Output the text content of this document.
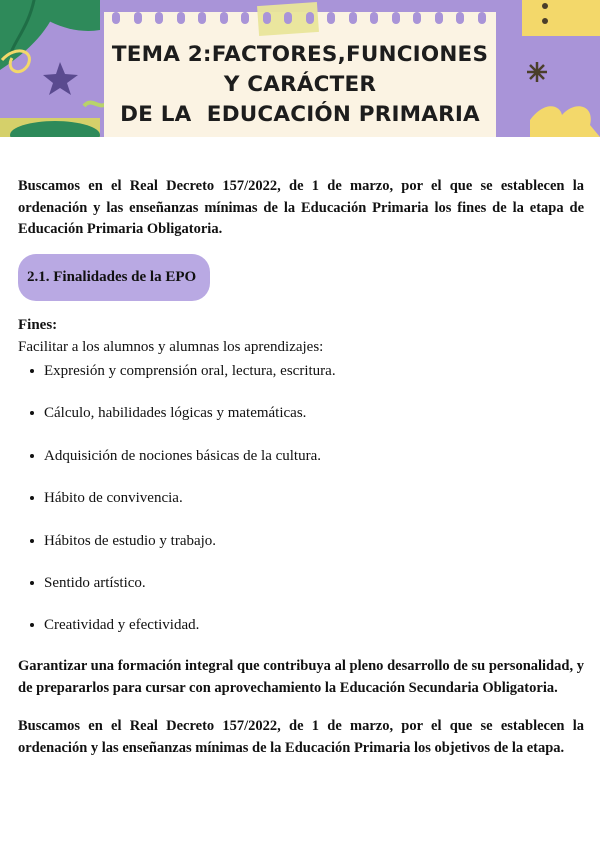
TEMA 2:FACTORES,FUNCIONES
Y CARÁCTER
DE LA  EDUCACIÓN PRIMARIA

Buscamos en el Real Decreto 157/2022, de 1 de marzo, por el que se establecen la ordenación y las enseñanzas mínimas de la Educación Primaria los fines de la etapa de Educación Primaria Obligatoria.

2.1. Finalidades de la EPO
Fines:
Facilitar a los alumnos y alumnas los aprendizajes:
Expresión y comprensión oral, lectura, escritura.
Cálculo, habilidades lógicas y matemáticas.
Adquisición de nociones básicas de la cultura.
Hábito de convivencia.
Hábitos de estudio y trabajo.
Sentido artístico.
Creatividad y efectividad.

Garantizar una formación integral que contribuya al pleno desarrollo de su personalidad, y de prepararlos para cursar con aprovechamiento la Educación Secundaria Obligatoria.

Buscamos en el Real Decreto 157/2022, de 1 de marzo, por el que se establecen la ordenación y las enseñanzas mínimas de la Educación Primaria los objetivos de la etapa.
